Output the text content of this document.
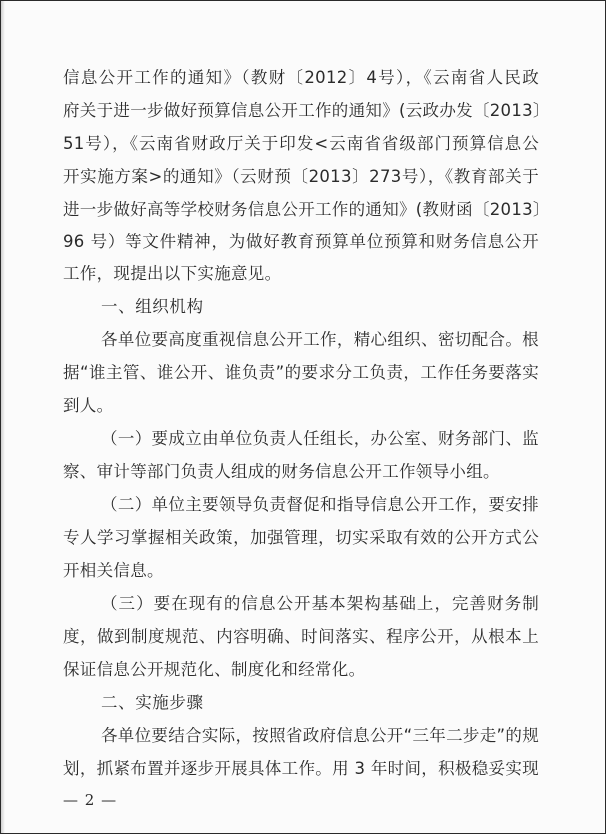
信息公开工作的通知》（教财〔2012〕4号），《云南省人民政
府关于进一步做好预算信息公开工作的通知》(云政办发〔2013〕
51号），《云南省财政厅关于印发<云南省省级部门预算信息公
开实施方案>的通知》（云财预〔2013〕273号），《教育部关于
进一步做好高等学校财务信息公开工作的通知》(教财函〔2013〕
96 号）等文件精神，为做好教育预算单位预算和财务信息公开
工作，现提出以下实施意见。
一、组织机构
各单位要高度重视信息公开工作，精心组织、密切配合。根
据“谁主管、谁公开、谁负责”的要求分工负责，工作任务要落实
到人。
（一）要成立由单位负责人任组长，办公室、财务部门、监
察、审计等部门负责人组成的财务信息公开工作领导小组。
（二）单位主要领导负责督促和指导信息公开工作，要安排
专人学习掌握相关政策，加强管理，切实采取有效的公开方式公
开相关信息。
（三）要在现有的信息公开基本架构基础上，完善财务制
度，做到制度规范、内容明确、时间落实、程序公开，从根本上
保证信息公开规范化、制度化和经常化。
二、实施步骤
各单位要结合实际，按照省政府信息公开“三年二步走”的规
划，抓紧布置并逐步开展具体工作。用 3 年时间，积极稳妥实现
— 2 —
